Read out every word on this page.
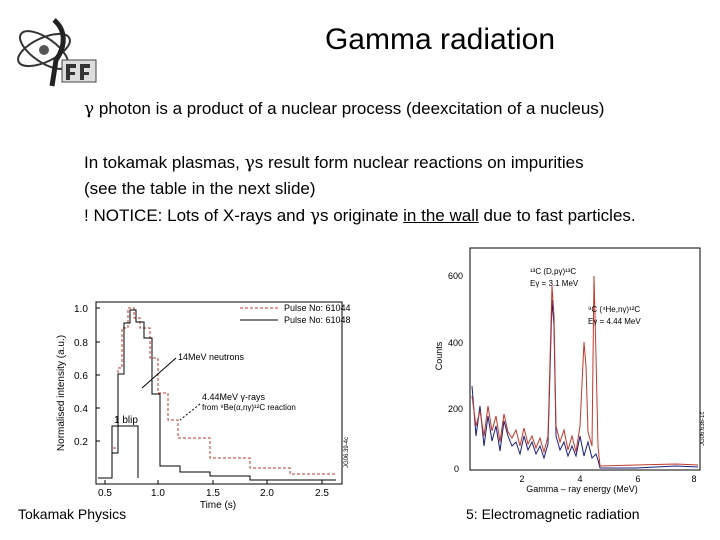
Gamma radiation
γ photon is a product of a nuclear process (deexcitation of a nucleus)
In tokamak plasmas, γs result form nuclear reactions on impurities
(see the table in the next slide)
! NOTICE: Lots of X-rays and γs originate in the wall due to fast particles.
0.2
0.4
0.6
0.8
1.0
0.5	1.0	1.5	2.0	2.5
Time (s)
Normalised intensity (a.u.)
JG06.39-4c
1 blip
Pulse No: 61044
Pulse No: 61048
14MeV neutrons
4.44MeV γ-rays
from ⁹Be(α,nγ)¹²C reaction
0
200
400
600
2	4	6	8
Gamma – ray energy (MeV)
Counts
JG06.636-1c
¹³C (D,pγ)¹³C
Eγ = 3.1 MeV
⁹C (⁴He,nγ)¹²C
Eγ = 4.44 MeV
Tokamak Physics	5: Electromagnetic radiation
